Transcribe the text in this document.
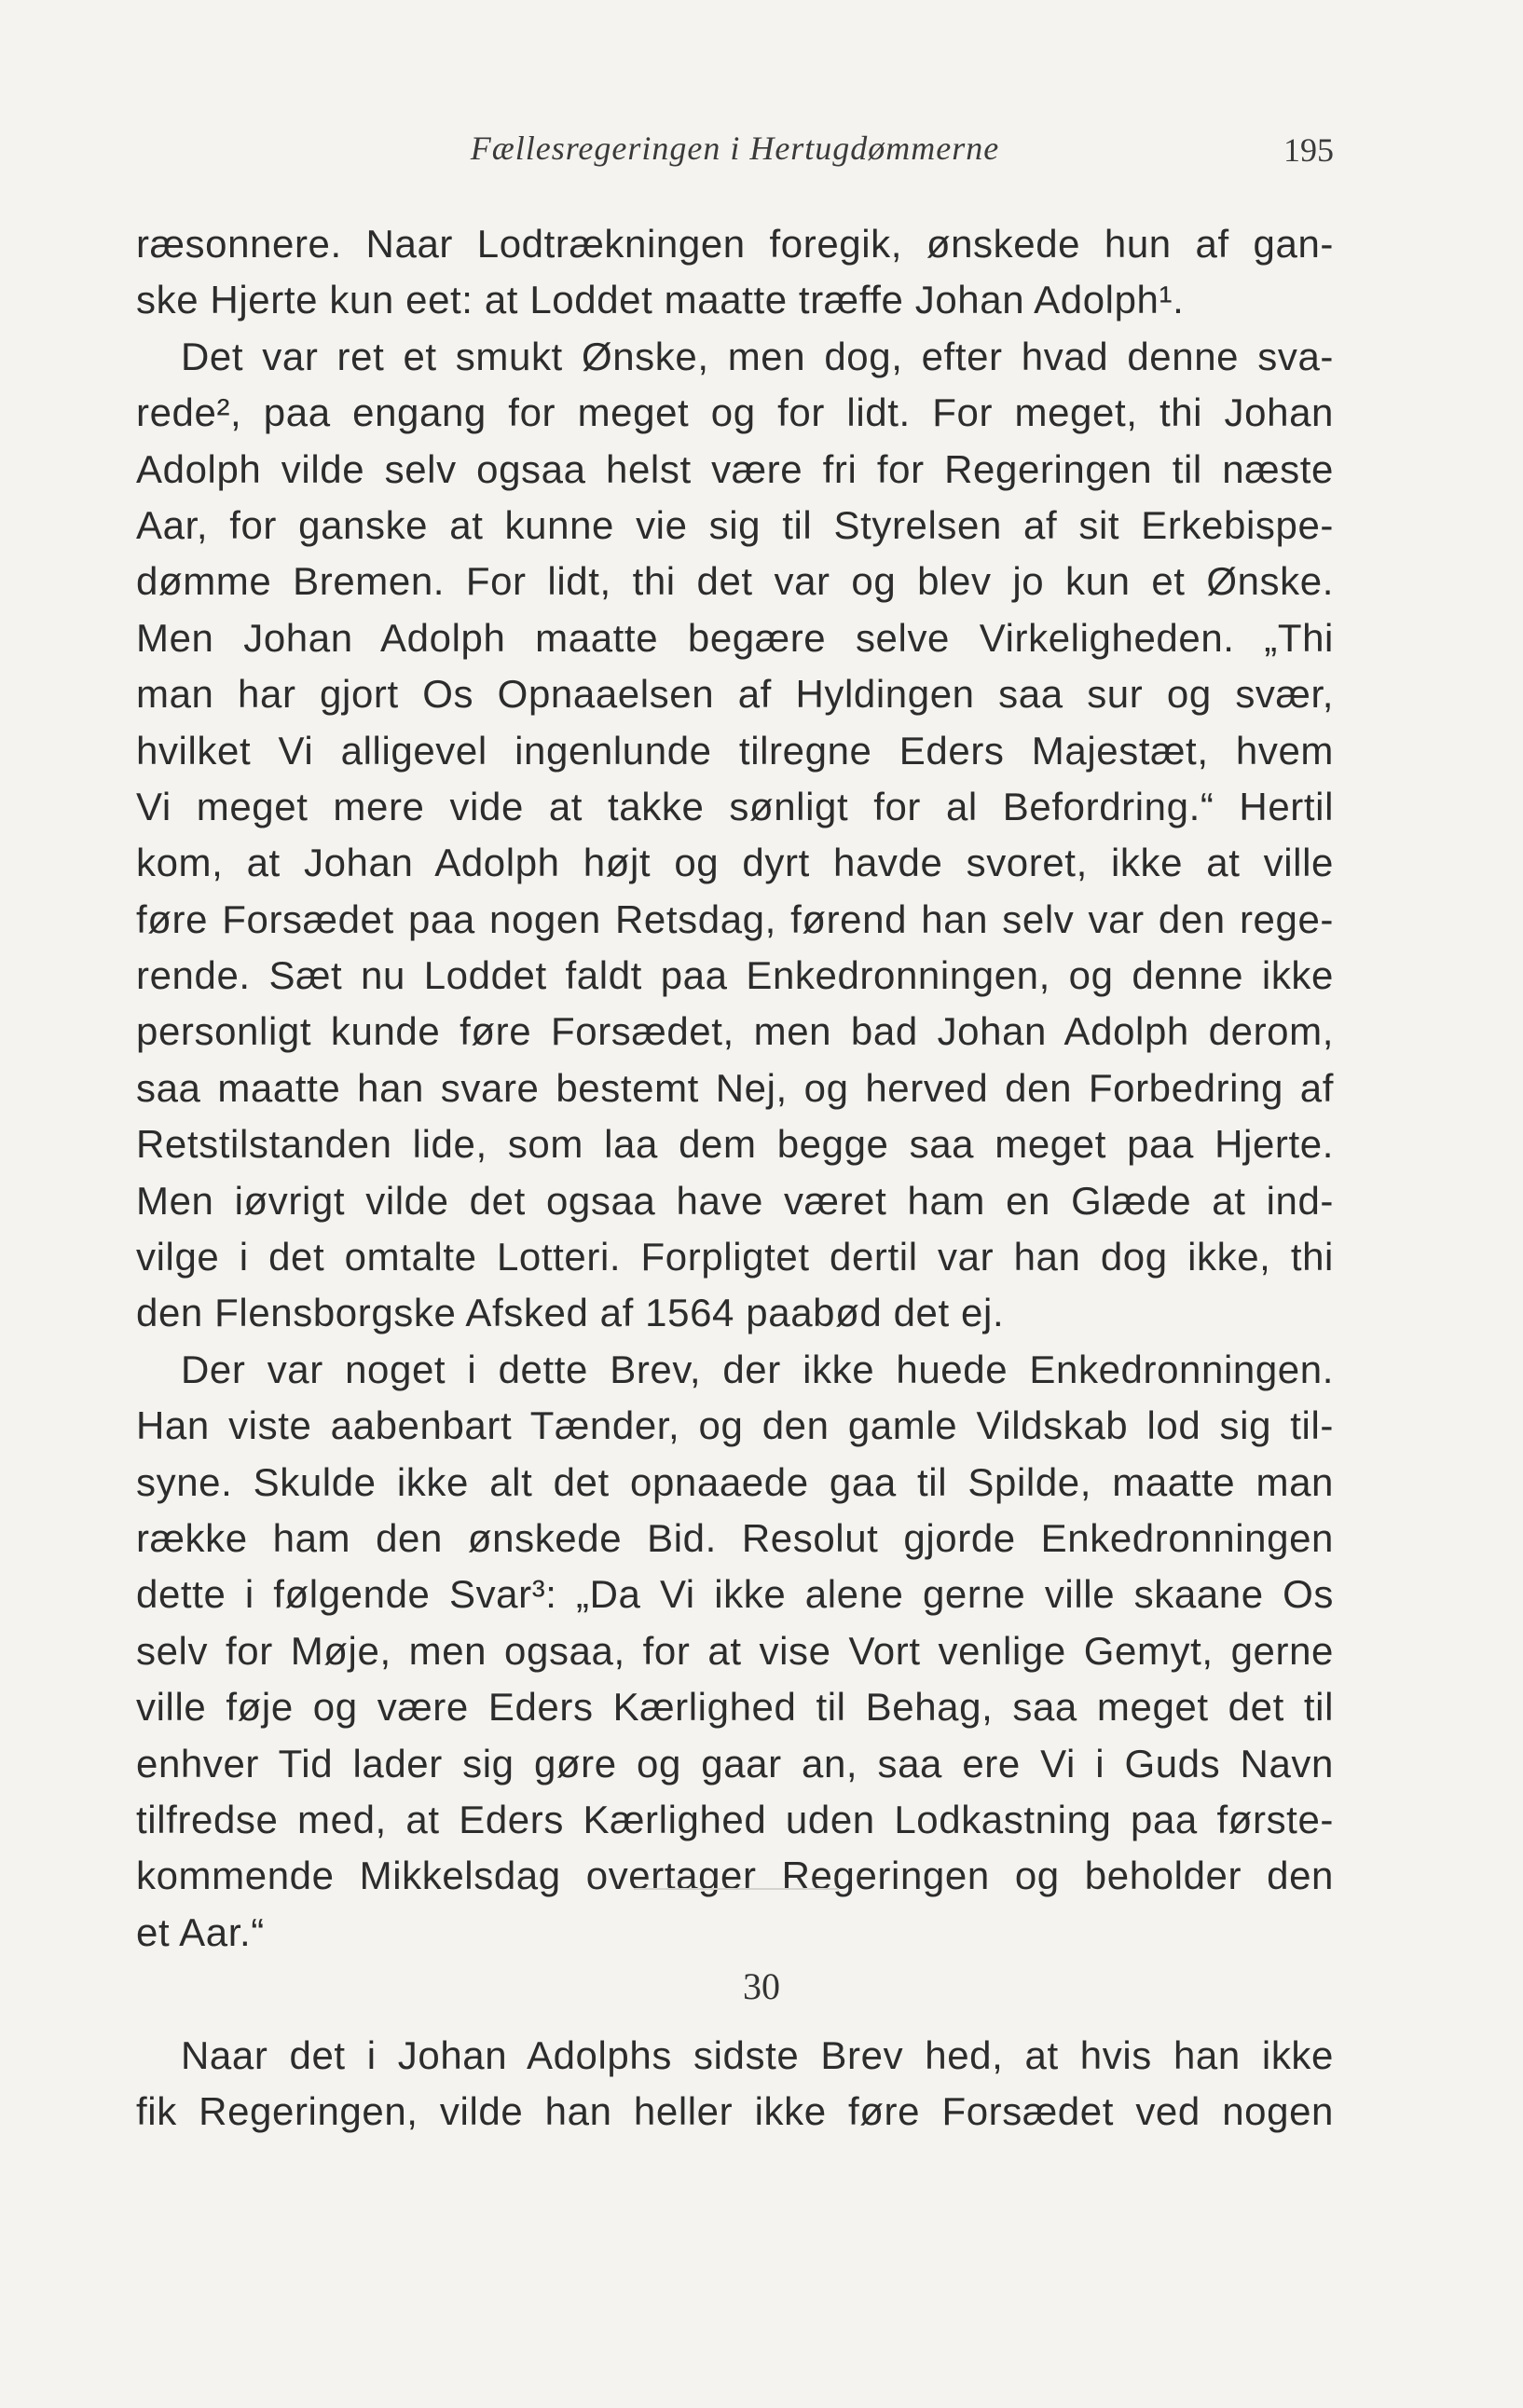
Fællesregeringen i Hertugdømmerne	195
ræsonnere. Naar Lodtrækningen foregik, ønskede hun af gan-
ske Hjerte kun eet: at Loddet maatte træffe Johan Adolph¹.
Det var ret et smukt Ønske, men dog, efter hvad denne sva-
rede², paa engang for meget og for lidt. For meget, thi Johan
Adolph vilde selv ogsaa helst være fri for Regeringen til næste
Aar, for ganske at kunne vie sig til Styrelsen af sit Erkebispe-
dømme Bremen. For lidt, thi det var og blev jo kun et Ønske.
Men Johan Adolph maatte begære selve Virkeligheden. „Thi
man har gjort Os Opnaaelsen af Hyldingen saa sur og svær,
hvilket Vi alligevel ingenlunde tilregne Eders Majestæt, hvem
Vi meget mere vide at takke sønligt for al Befordring.“ Hertil
kom, at Johan Adolph højt og dyrt havde svoret, ikke at ville
føre Forsædet paa nogen Retsdag, førend han selv var den rege-
rende. Sæt nu Loddet faldt paa Enkedronningen, og denne ikke
personligt kunde føre Forsædet, men bad Johan Adolph derom,
saa maatte han svare bestemt Nej, og herved den Forbedring af
Retstilstanden lide, som laa dem begge saa meget paa Hjerte.
Men iøvrigt vilde det ogsaa have været ham en Glæde at ind-
vilge i det omtalte Lotteri. Forpligtet dertil var han dog ikke, thi
den Flensborgske Afsked af 1564 paabød det ej.
Der var noget i dette Brev, der ikke huede Enkedronningen.
Han viste aabenbart Tænder, og den gamle Vildskab lod sig til-
syne. Skulde ikke alt det opnaaede gaa til Spilde, maatte man
række ham den ønskede Bid. Resolut gjorde Enkedronningen
dette i følgende Svar³: „Da Vi ikke alene gerne ville skaane Os
selv for Møje, men ogsaa, for at vise Vort venlige Gemyt, gerne
ville føje og være Eders Kærlighed til Behag, saa meget det til
enhver Tid lader sig gøre og gaar an, saa ere Vi i Guds Navn
tilfredse med, at Eders Kærlighed uden Lodkastning paa første-
kommende Mikkelsdag overtager Regeringen og beholder den
et Aar.“
30
Naar det i Johan Adolphs sidste Brev hed, at hvis han ikke
fik Regeringen, vilde han heller ikke føre Forsædet ved nogen
